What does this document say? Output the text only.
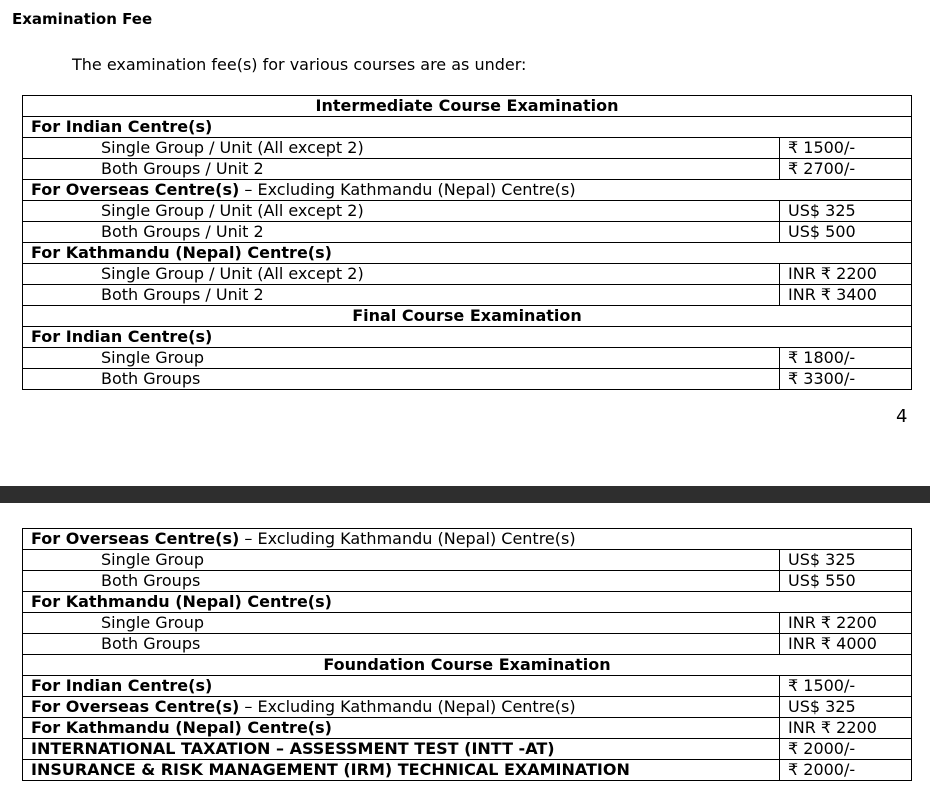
Examination Fee
The examination fee(s) for various courses are as under:
Intermediate Course Examination	
For Indian Centre(s)	
Single Group / Unit (All except 2)	₹ 1500/-
Both Groups / Unit 2	₹ 2700/-
For Overseas Centre(s) – Excluding Kathmandu (Nepal) Centre(s)	
Single Group / Unit (All except 2)	US$ 325
Both Groups / Unit 2	US$ 500
For Kathmandu (Nepal) Centre(s)	
Single Group / Unit (All except 2)	INR ₹ 2200
Both Groups / Unit 2	INR ₹ 3400
Final Course Examination	
For Indian Centre(s)	
Single Group	₹ 1800/-
Both Groups	₹ 3300/-
4
For Overseas Centre(s) – Excluding Kathmandu (Nepal) Centre(s)	
Single Group	US$ 325
Both Groups	US$ 550
For Kathmandu (Nepal) Centre(s)	
Single Group	INR ₹ 2200
Both Groups	INR ₹ 4000
Foundation Course Examination	
For Indian Centre(s)	₹ 1500/-
For Overseas Centre(s) – Excluding Kathmandu (Nepal) Centre(s)	US$ 325
For Kathmandu (Nepal) Centre(s)	INR ₹ 2200
INTERNATIONAL TAXATION – ASSESSMENT TEST (INTT -AT)	₹ 2000/-
INSURANCE & RISK MANAGEMENT (IRM) TECHNICAL EXAMINATION	₹ 2000/-
